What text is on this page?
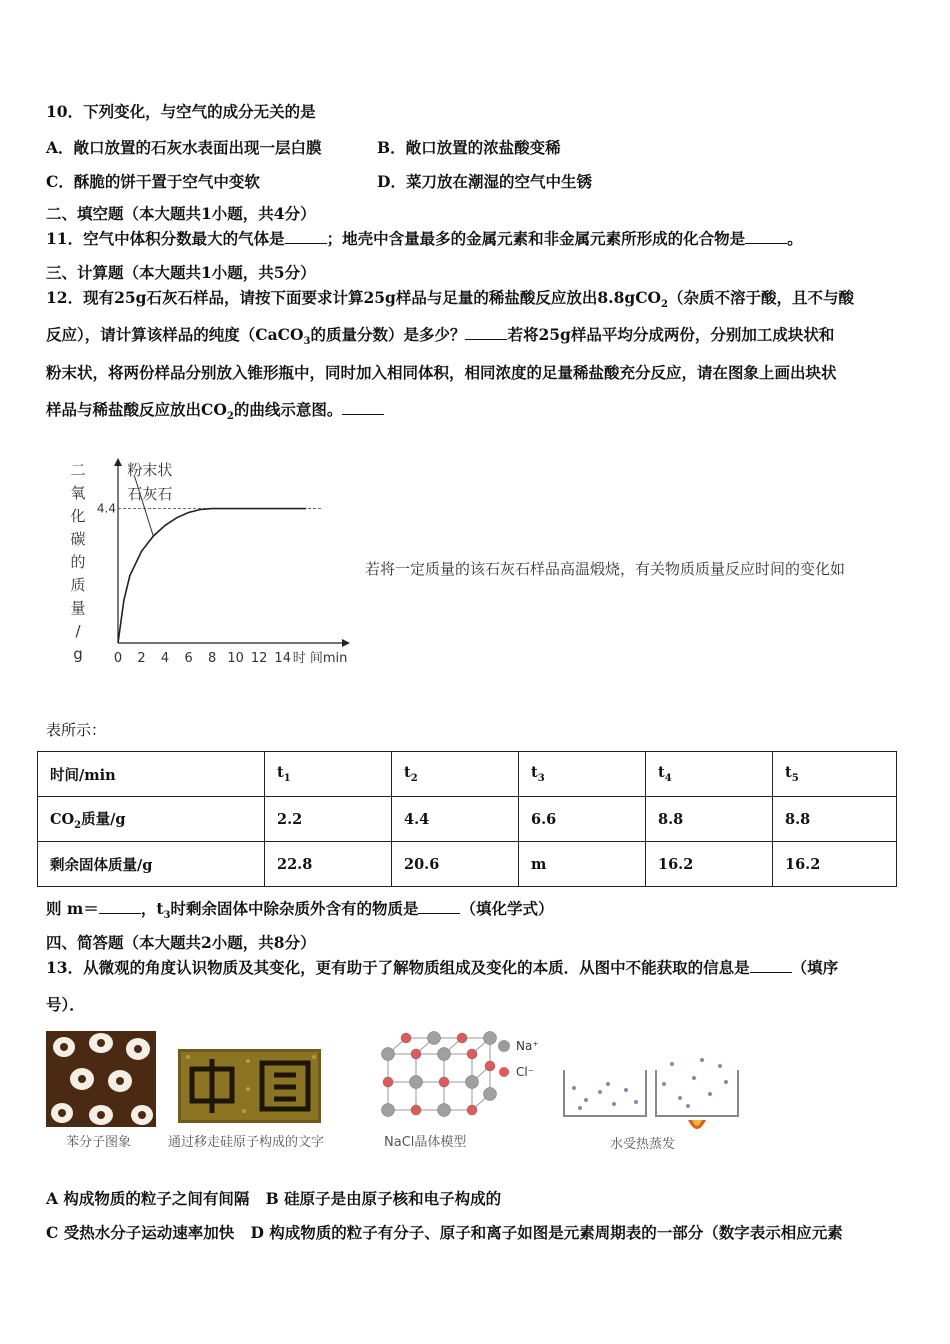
10．下列变化，与空气的成分无关的是
A．敞口放置的石灰水表面出现一层白膜	B．敞口放置的浓盐酸变稀
C．酥脆的饼干置于空气中变软	D．菜刀放在潮湿的空气中生锈
二、填空题（本大题共1小题，共4分）
11．空气中体积分数最大的气体是	；地壳中含量最多的金属元素和非金属元素所形成的化合物是	。
三、计算题（本大题共1小题，共5分）
12．现有25g石灰石样品，请按下面要求计算25g样品与足量的稀盐酸反应放出8.8gCO$_2$（杂质不溶于酸，且不与酸
反应），请计算该样品的纯度（CaCO$_3$的质量分数）是多少？	若将25g样品平均分成两份，分别加工成块状和
粉末状，将两份样品分别放入锥形瓶中，同时加入相同体积，相同浓度的足量稀盐酸充分反应，请在图象上画出块状
样品与稀盐酸反应放出$CO_2$的曲线示意图。
二
氧
化
碳
的
质
量
/
g
4.4
0 2 4 6 8 10 12 14 时 间min
粉末状
石灰石
若将一定质量的该石灰石样品高温煅烧，有关物质质量反应时间的变化如
表所示：
时间/min	$t_1$	$t_2$	$t_3$	$t_4$	$t_5$
$CO_2$质量/g	2.2	4.4	6.6	8.8	8.8
剩余固体质量/g	22.8	20.6	m	16.2	16.2
则 m＝	，$t_3$时剩余固体中除杂质外含有的物质是	（填化学式）
四、简答题（本大题共2小题，共8分）
13．从微观的角度认识物质及其变化，更有助于了解物质组成及变化的本质．从图中不能获取的信息是	（填序
号）．
苯分子图象	通过移走硅原子构成的文字
Na⁺
Cl⁻
NaCl晶体模型	水受热蒸发
A 构成物质的粒子之间有间隔 B 硅原子是由原子核和电子构成的
C 受热水分子运动速率加快 D 构成物质的粒子有分子、原子和离子如图是元素周期表的一部分（数字表示相应元素
